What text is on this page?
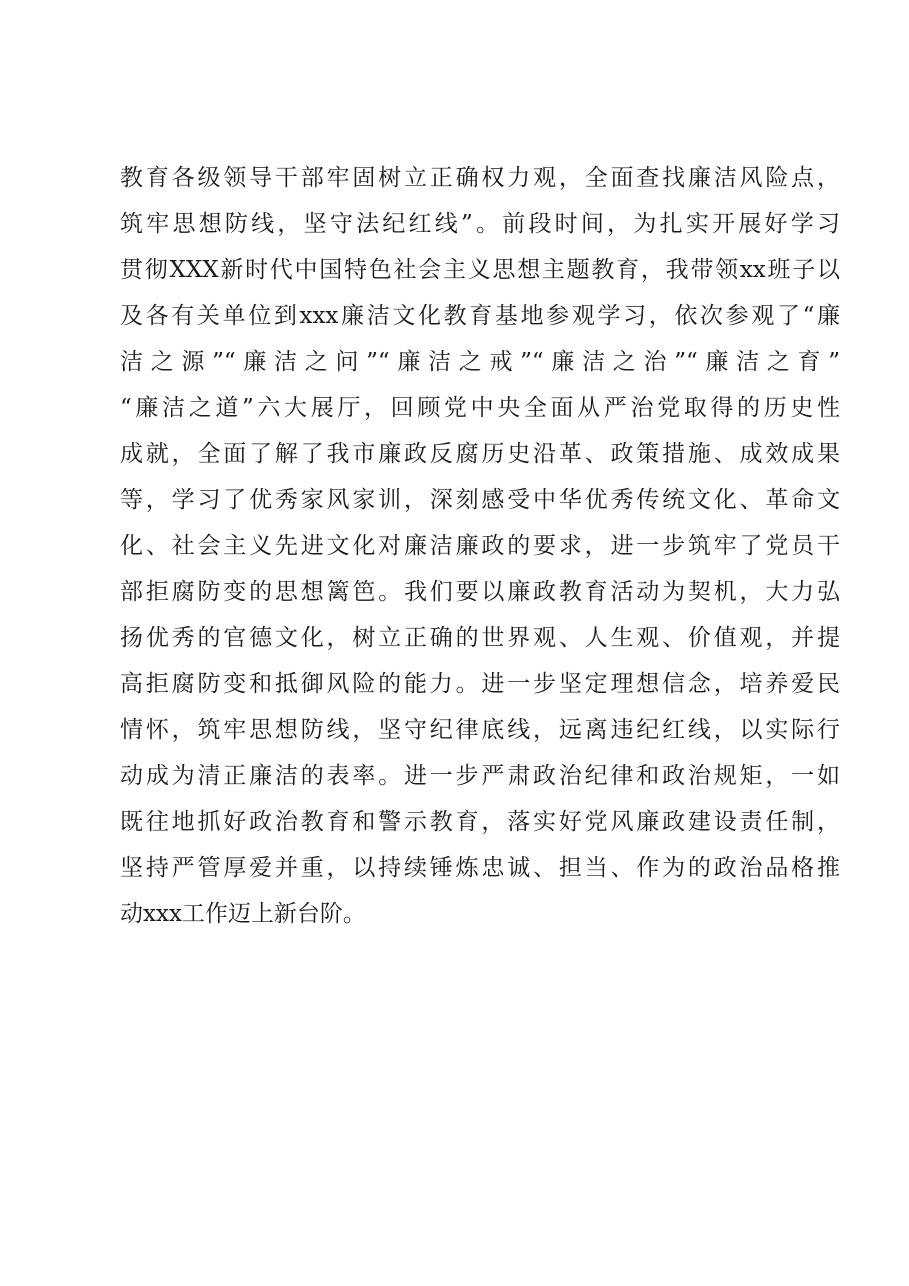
教育各级领导干部牢固树立正确权力观，全面查找廉洁风险点，
筑牢思想防线，坚守法纪红线”。前段时间，为扎实开展好学习
贯彻XXX新时代中国特色社会主义思想主题教育，我带领xx班子以
及各有关单位到xxx廉洁文化教育基地参观学习，依次参观了“廉
洁之源”“廉洁之问”“廉洁之戒”“廉洁之治”“廉洁之育”
“廉洁之道”六大展厅，回顾党中央全面从严治党取得的历史性
成就，全面了解了我市廉政反腐历史沿革、政策措施、成效成果
等，学习了优秀家风家训，深刻感受中华优秀传统文化、革命文
化、社会主义先进文化对廉洁廉政的要求，进一步筑牢了党员干
部拒腐防变的思想篱笆。我们要以廉政教育活动为契机，大力弘
扬优秀的官德文化，树立正确的世界观、人生观、价值观，并提
高拒腐防变和抵御风险的能力。进一步坚定理想信念，培养爱民
情怀，筑牢思想防线，坚守纪律底线，远离违纪红线，以实际行
动成为清正廉洁的表率。进一步严肃政治纪律和政治规矩，一如
既往地抓好政治教育和警示教育，落实好党风廉政建设责任制，
坚持严管厚爱并重，以持续锤炼忠诚、担当、作为的政治品格推
动xxx工作迈上新台阶。
